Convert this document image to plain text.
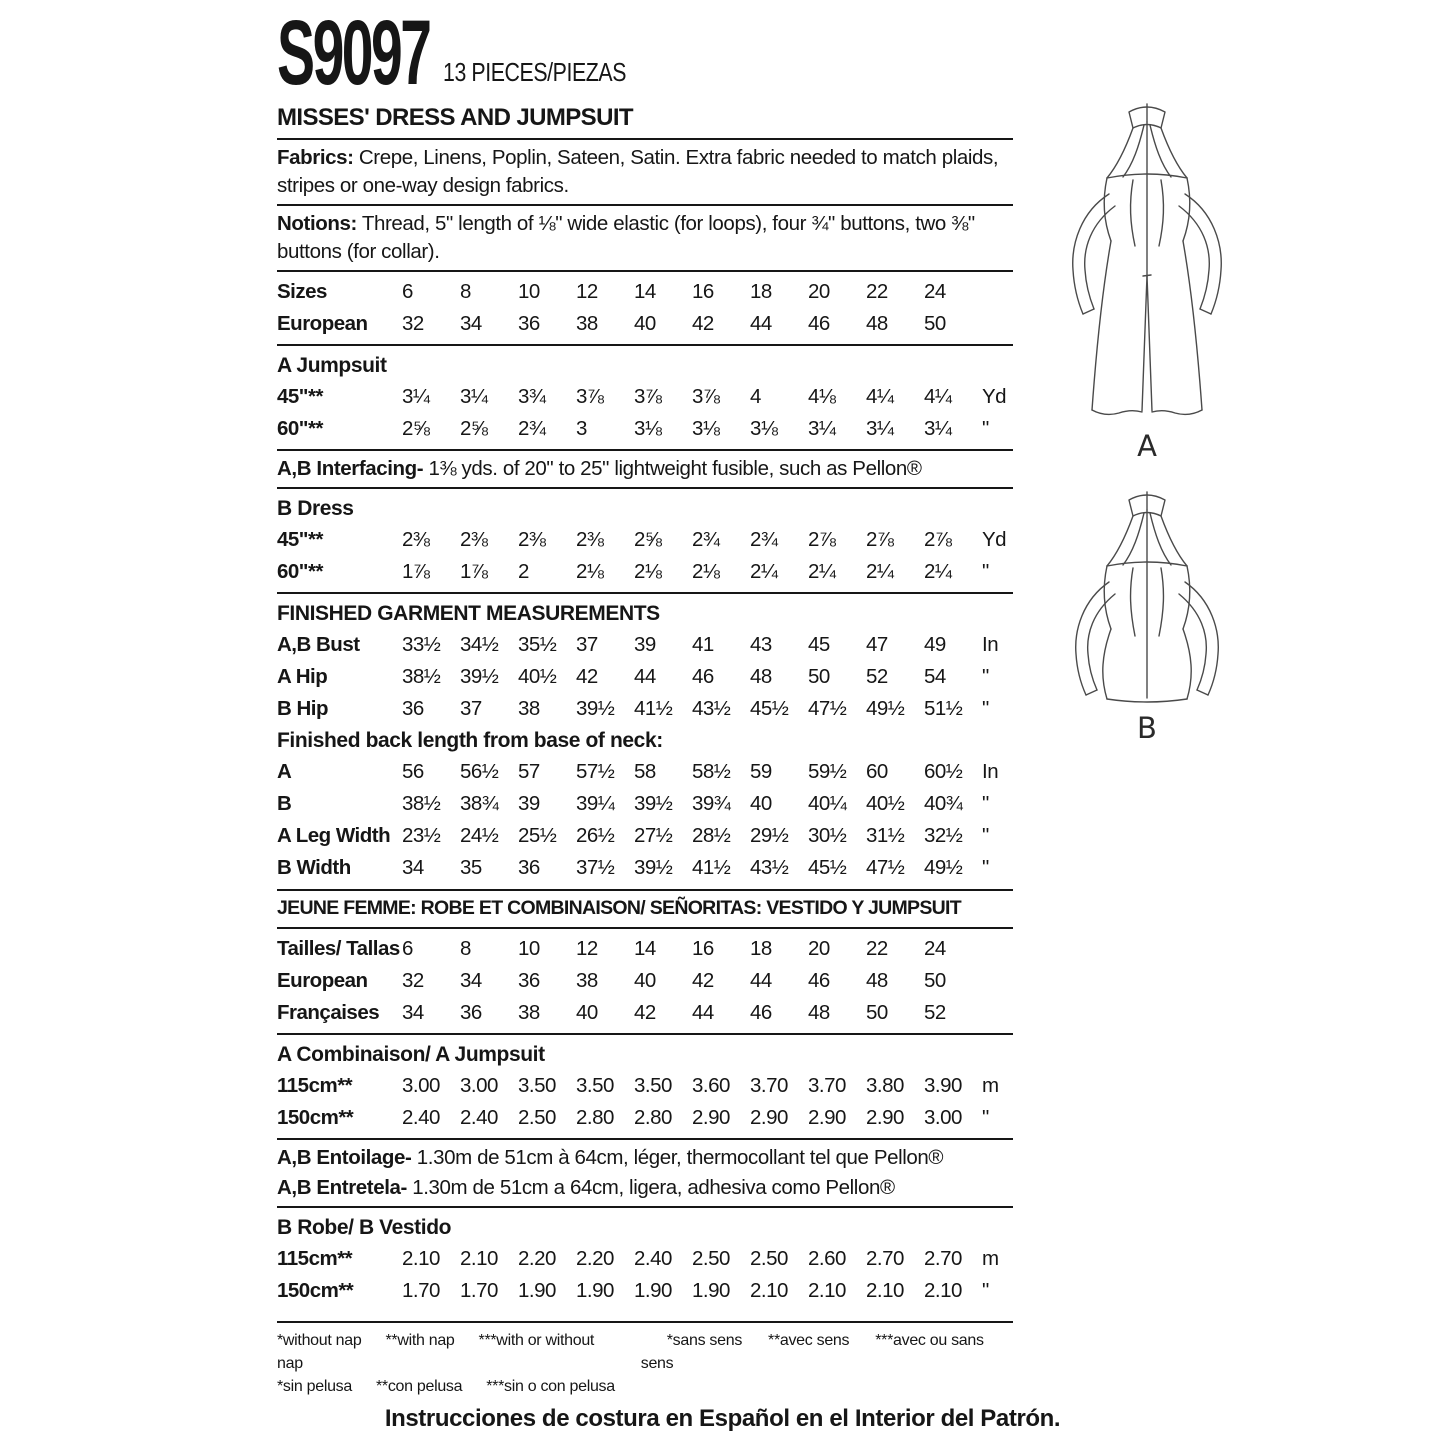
S9097 13 PIECES/PIEZAS
MISSES' DRESS AND JUMPSUIT

Fabrics: Crepe, Linens, Poplin, Sateen, Satin. Extra fabric needed to match plaids, stripes or one-way design fabrics.

Notions: Thread, 5" length of ⅛" wide elastic (for loops), four ¾" buttons, two ⅜" buttons (for collar).

Sizes	6	8	10	12	14	16	18	20	22	24
European	32	34	36	38	40	42	44	46	48	50
A Jumpsuit
45"**	3¼	3¼	3¾	3⅞	3⅞	3⅞	4	4⅛	4¼	4¼	Yd
60"**	2⅝	2⅝	2¾	3	3⅛	3⅛	3⅛	3¼	3¼	3¼	"

A,B Interfacing- 1⅜ yds. of 20" to 25" lightweight fusible, such as Pellon®

B Dress
45"**	2⅜	2⅜	2⅜	2⅜	2⅝	2¾	2¾	2⅞	2⅞	2⅞	Yd
60"**	1⅞	1⅞	2	2⅛	2⅛	2⅛	2¼	2¼	2¼	2¼	"
FINISHED GARMENT MEASUREMENTS
A,B Bust	33½ 34½ 35½ 37	39	41	43	45	47	49	In
A Hip	38½ 39½ 40½ 42	44	46	48	50	52	54	"
B Hip	36	37	38	39½ 41½ 43½ 45½ 47½ 49½ 51½ "
Finished back length from base of neck:
A	56	56½ 57	57½ 58	58½ 59	59½ 60	60½ In
B	38½ 38¾ 39	39¼ 39½ 39¾ 40	40¼ 40½ 40¾ "
A Leg Width 23½ 24½ 25½ 26½ 27½ 28½ 29½ 30½ 31½ 32½ "
B Width	34	35	36	37½ 39½ 41½ 43½ 45½ 47½ 49½ "
JEUNE FEMME: ROBE ET COMBINAISON/ SEÑORITAS: VESTIDO Y JUMPSUIT
Tailles/ Tallas 6	8	10	12	14	16	18	20	22	24
European	32	34	36	38	40	42	44	46	48	50
Françaises	34	36	38	40	42	44	46	48	50	52
A Combinaison/ A Jumpsuit
115cm**	3.00 3.00 3.50 3.50 3.50 3.60 3.70 3.70 3.80 3.90 m
150cm**	2.40 2.40 2.50 2.80 2.80 2.90 2.90 2.90 2.90 3.00 "

A,B Entoilage- 1.30m de 51cm à 64cm, léger, thermocollant tel que Pellon®

A,B Entretela- 1.30m de 51cm a 64cm, ligera, adhesiva como Pellon®

B Robe/ B Vestido
115cm**	2.10 2.10 2.20 2.20 2.40 2.50 2.50 2.60 2.70 2.70 m
150cm**	1.70 1.70 1.90 1.90 1.90 1.90 2.10 2.10 2.10 2.10 "
*without nap **with nap ***with or without nap
*sin pelusa **con pelusa ***sin o con pelusa
*sans sens **avec sens ***avec ou sans sens
Instrucciones de costura en Español en el Interior del Patrón.
A
B
